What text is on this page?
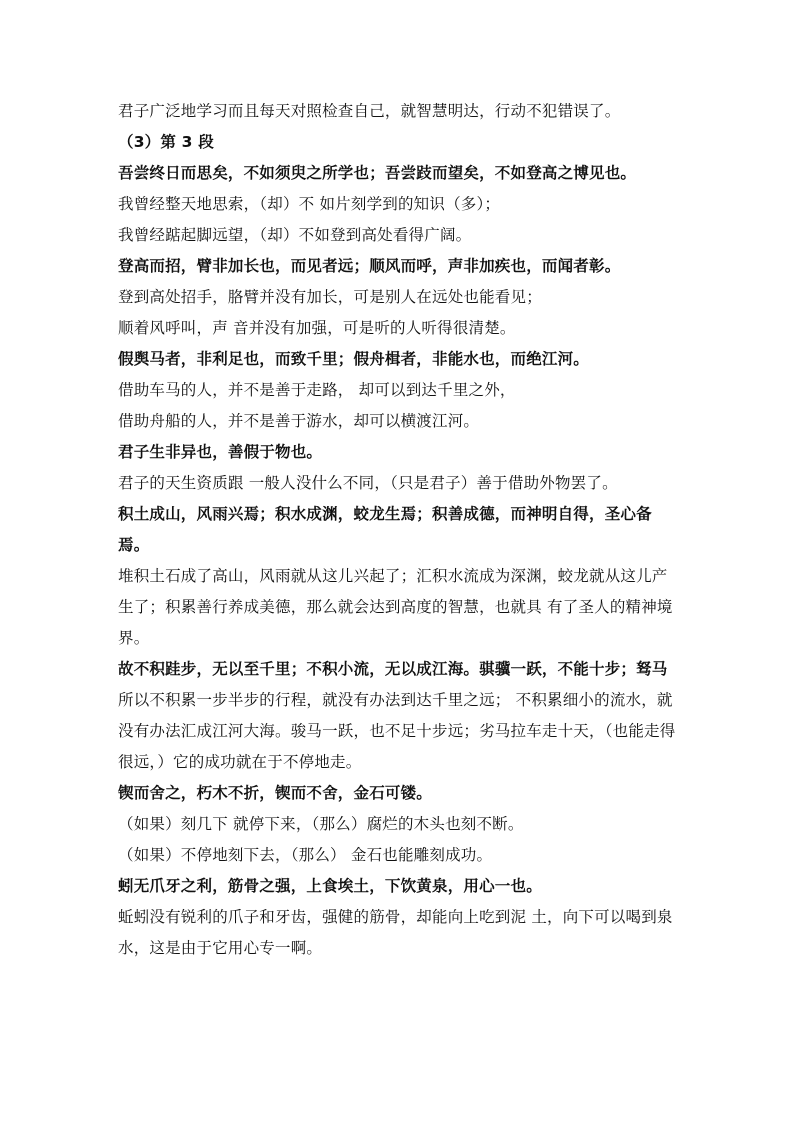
君子广泛地学习而且每天对照检查自己，就智慧明达，行动不犯错误了。
（3）第 3 段
吾尝终日而思矣，不如须臾之所学也；吾尝跂而望矣，不如登高之博见也。
我曾经整天地思索，（却）不 如片刻学到的知识（多）；
我曾经踮起脚远望，（却）不如登到高处看得广阔。
登高而招，臂非加长也，而见者远；顺风而呼，声非加疾也，而闻者彰。
登到高处招手，胳臂并没有加长，可是别人在远处也能看见；
顺着风呼叫，声 音并没有加强，可是听的人听得很清楚。
假舆马者，非利足也，而致千里；假舟楫者，非能水也，而绝江河。
借助车马的人，并不是善于走路， 却可以到达千里之外，
借助舟船的人，并不是善于游水，却可以横渡江河。
君子生非异也，善假于物也。
君子的天生资质跟 一般人没什么不同，（只是君子）善于借助外物罢了。
积土成山，风雨兴焉；积水成渊，蛟龙生焉；积善成德，而神明自得，圣心备焉。
堆积土石成了高山，风雨就从这儿兴起了；汇积水流成为深渊，蛟龙就从这儿产生了；积累善行养成美德，那么就会达到高度的智慧，也就具 有了圣人的精神境界。
故不积跬步，无以至千里；不积小流，无以成江海。骐骥一跃，不能十步；驽马
所以不积累一步半步的行程，就没有办法到达千里之远； 不积累细小的流水，就没有办法汇成江河大海。骏马一跃，也不足十步远；劣马拉车走十天，（也能走得很远，）它的成功就在于不停地走。
锲而舍之，朽木不折，锲而不舍，金石可镂。
（如果）刻几下 就停下来，（那么）腐烂的木头也刻不断。
（如果）不停地刻下去，（那么） 金石也能雕刻成功。
蚓无爪牙之利，筋骨之强，上食埃土，下饮黄泉，用心一也。
蚯蚓没有锐利的爪子和牙齿，强健的筋骨，却能向上吃到泥 土，向下可以喝到泉水，这是由于它用心专一啊。
